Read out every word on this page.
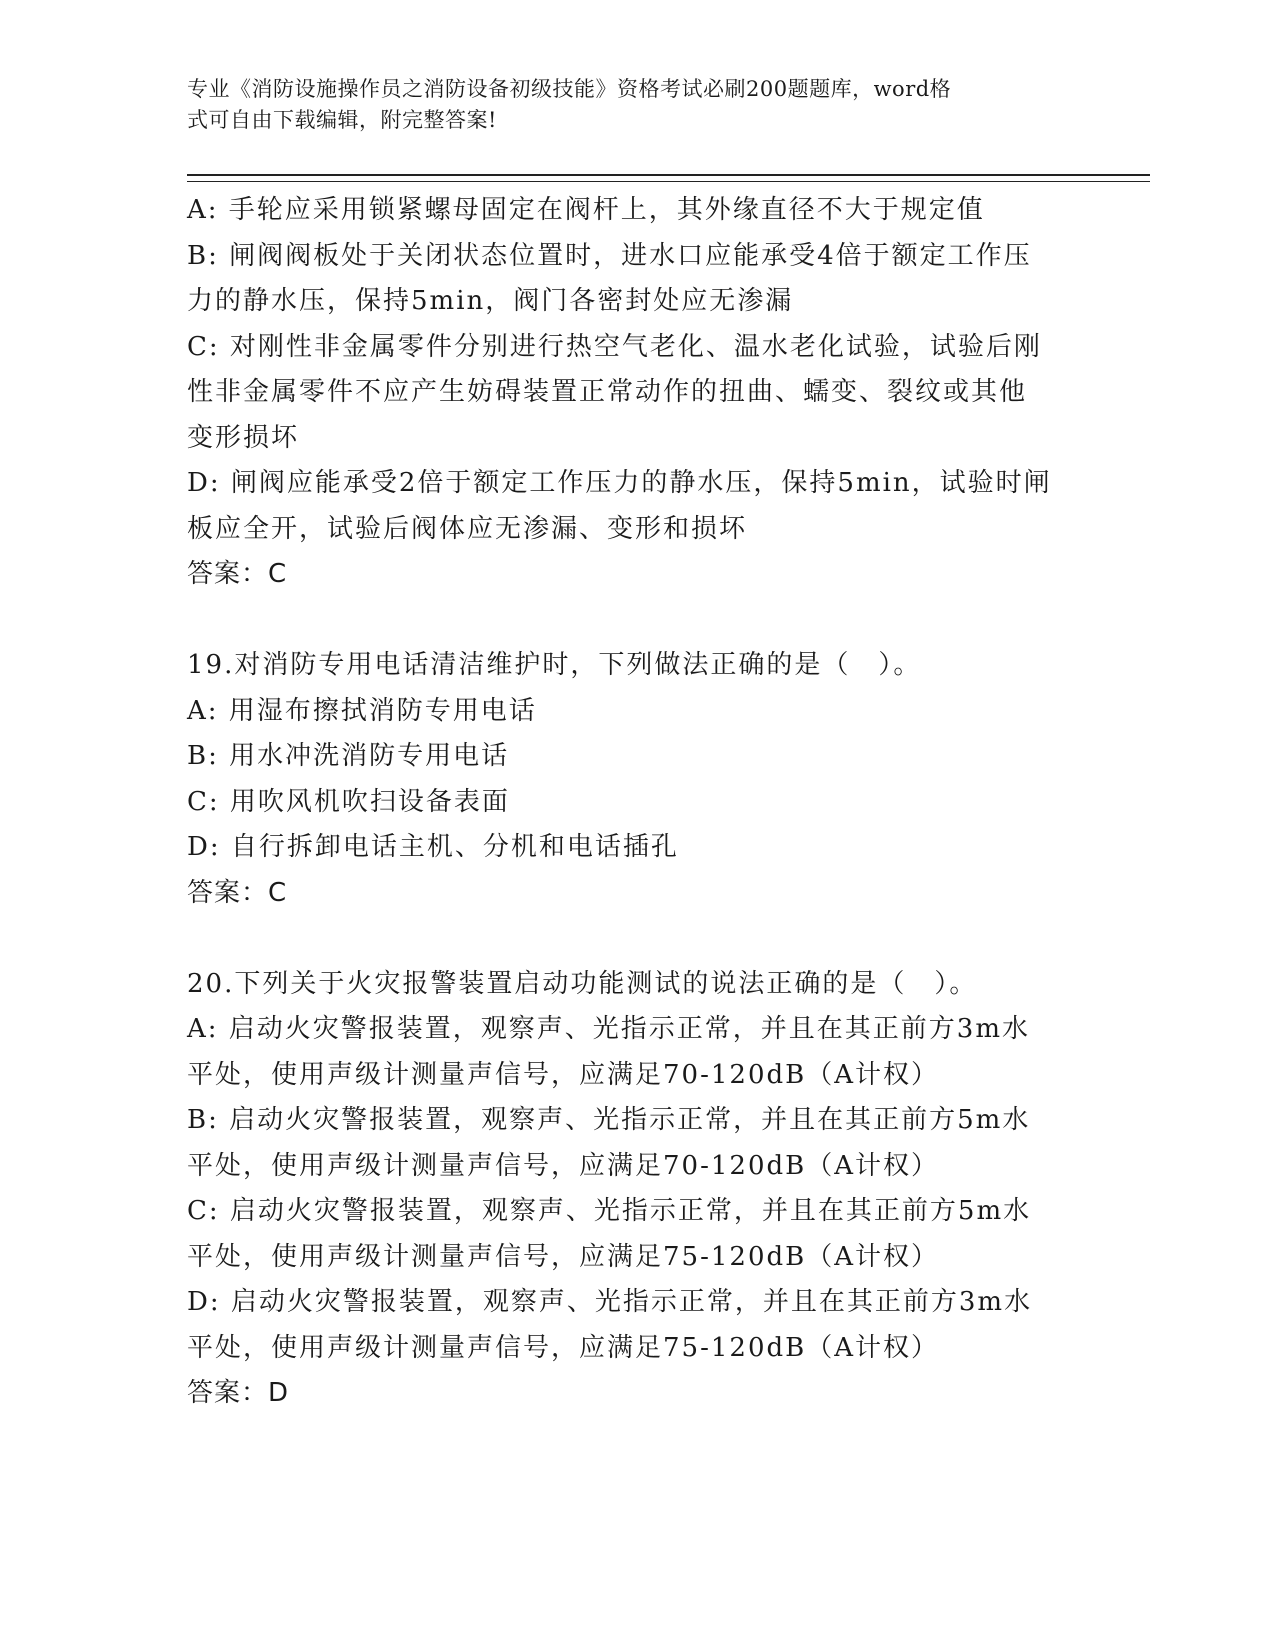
专业《消防设施操作员之消防设备初级技能》资格考试必刷200题题库，word格
式可自由下载编辑，附完整答案!
A: 手轮应采用锁紧螺母固定在阀杆上，其外缘直径不大于规定值
B: 闸阀阀板处于关闭状态位置时，进水口应能承受4倍于额定工作压
力的静水压，保持5min，阀门各密封处应无渗漏
C: 对刚性非金属零件分别进行热空气老化、温水老化试验，试验后刚
性非金属零件不应产生妨碍装置正常动作的扭曲、蠕变、裂纹或其他
变形损坏
D: 闸阀应能承受2倍于额定工作压力的静水压，保持5min，试验时闸
板应全开，试验后阀体应无渗漏、变形和损坏
答案：C
19.对消防专用电话清洁维护时，下列做法正确的是（　）。
A: 用湿布擦拭消防专用电话
B: 用水冲洗消防专用电话
C: 用吹风机吹扫设备表面
D: 自行拆卸电话主机、分机和电话插孔
答案：C
20.下列关于火灾报警装置启动功能测试的说法正确的是（　）。
A: 启动火灾警报装置，观察声、光指示正常，并且在其正前方3m水
平处，使用声级计测量声信号，应满足70-120dB（A计权）
B: 启动火灾警报装置，观察声、光指示正常，并且在其正前方5m水
平处，使用声级计测量声信号，应满足70-120dB（A计权）
C: 启动火灾警报装置，观察声、光指示正常，并且在其正前方5m水
平处，使用声级计测量声信号，应满足75-120dB（A计权）
D: 启动火灾警报装置，观察声、光指示正常，并且在其正前方3m水
平处，使用声级计测量声信号，应满足75-120dB（A计权）
答案：D
